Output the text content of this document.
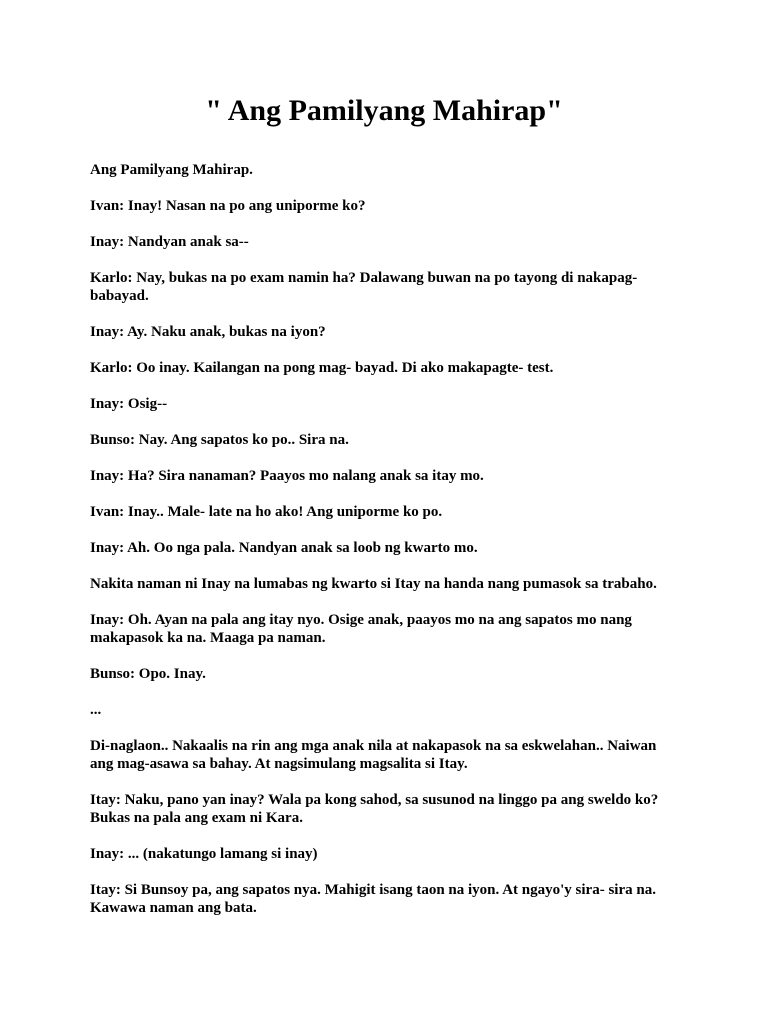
" Ang Pamilyang Mahirap"

Ang Pamilyang Mahirap.

Ivan: Inay! Nasan na po ang uniporme ko?

Inay: Nandyan anak sa--

Karlo: Nay, bukas na po exam namin ha? Dalawang buwan na po tayong di nakapag- babayad.

Inay: Ay. Naku anak, bukas na iyon?

Karlo: Oo inay. Kailangan na pong mag- bayad. Di ako makapagte- test.

Inay: Osig--

Bunso: Nay. Ang sapatos ko po.. Sira na.

Inay: Ha? Sira nanaman? Paayos mo nalang anak sa itay mo.

Ivan: Inay.. Male- late na ho ako! Ang uniporme ko po.

Inay: Ah. Oo nga pala. Nandyan anak sa loob ng kwarto mo.

Nakita naman ni Inay na lumabas ng kwarto si Itay na handa nang pumasok sa trabaho.

Inay: Oh. Ayan na pala ang itay nyo. Osige anak, paayos mo na ang sapatos mo nang makapasok ka na. Maaga pa naman.

Bunso: Opo. Inay.

...

Di-naglaon.. Nakaalis na rin ang mga anak nila at nakapasok na sa eskwelahan.. Naiwan ang mag-asawa sa bahay. At nagsimulang magsalita si Itay.

Itay: Naku, pano yan inay? Wala pa kong sahod, sa susunod na linggo pa ang sweldo ko? Bukas na pala ang exam ni Kara.

Inay: ... (nakatungo lamang si inay)

Itay: Si Bunsoy pa, ang sapatos nya. Mahigit isang taon na iyon. At ngayo'y sira- sira na. Kawawa naman ang bata.
